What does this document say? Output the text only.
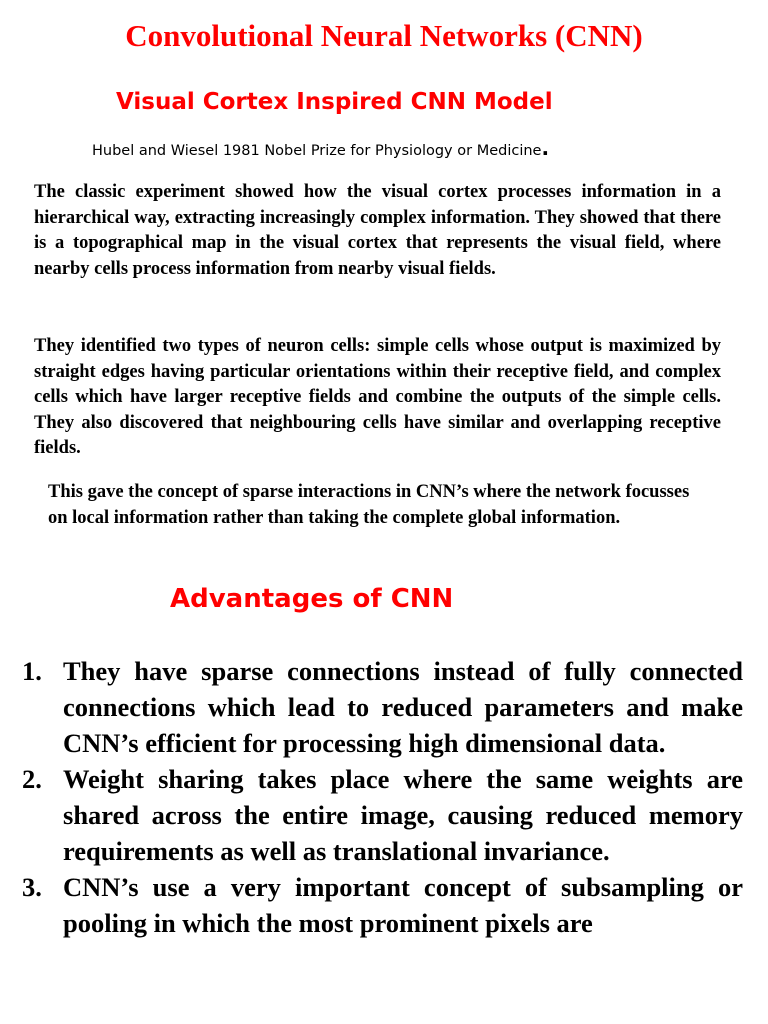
Convolutional Neural Networks (CNN)
Visual Cortex Inspired CNN Model

Hubel and Wiesel 1981 Nobel Prize for Physiology or Medicine.

The classic experiment showed how the visual cortex processes information in a hierarchical way, extracting increasingly complex information. They showed that there is a topographical map in the visual cortex that represents the visual field, where nearby cells process information from nearby visual fields.

They identified two types of neuron cells: simple cells whose output is maximized by straight edges having particular orientations within their receptive field, and complex cells which have larger receptive fields and combine the outputs of the simple cells. They also discovered that neighbouring cells have similar and overlapping receptive fields.

This gave the concept of sparse interactions in CNN’s where the network focusses on local information rather than taking the complete global information.

Advantages of CNN
1. They have sparse connections instead of fully connected connections which lead to reduced parameters and make CNN’s efficient for processing high dimensional data.
2. Weight sharing takes place where the same weights are shared across the entire image, causing reduced memory requirements as well as translational invariance.
3. CNN’s use a very important concept of subsampling or pooling in which the most prominent pixels are
